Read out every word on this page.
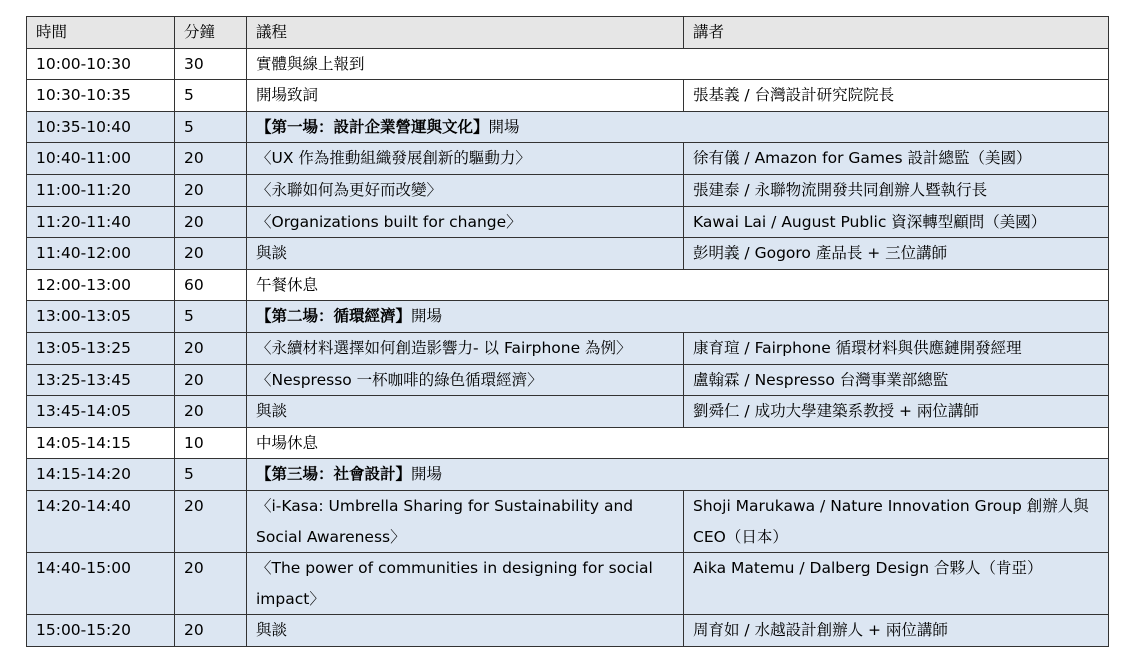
時間	分鐘	議程	講者
10:00-10:30	30	實體與線上報到	
10:30-10:35	5	開場致詞	張基義 / 台灣設計研究院院長
10:35-10:40	5	【第一場：設計企業營運與文化】開場	
10:40-11:00	20	〈UX 作為推動組織發展創新的驅動力〉	徐有儀 / Amazon for Games 設計總監（美國）
11:00-11:20	20	〈永聯如何為更好而改變〉	張建泰 / 永聯物流開發共同創辦人暨執行長
11:20-11:40	20	〈Organizations built for change〉	Kawai Lai / August Public 資深轉型顧問（美國）
11:40-12:00	20	與談	彭明義 / Gogoro 產品長 + 三位講師
12:00-13:00	60	午餐休息	
13:00-13:05	5	【第二場：循環經濟】開場	
13:05-13:25	20	〈永續材料選擇如何創造影響力- 以 Fairphone 為例〉	康育瑄 / Fairphone 循環材料與供應鏈開發經理
13:25-13:45	20	〈Nespresso 一杯咖啡的綠色循環經濟〉	盧翰霖 / Nespresso 台灣事業部總監
13:45-14:05	20	與談	劉舜仁 / 成功大學建築系教授 + 兩位講師
14:05-14:15	10	中場休息	
14:15-14:20	5	【第三場：社會設計】開場	
14:20-14:40	20	〈i-Kasa: Umbrella Sharing for Sustainability and Social Awareness〉	Shoji Marukawa / Nature Innovation Group 創辦人與 CEO（日本）
14:40-15:00	20	〈The power of communities in designing for social impact〉	Aika Matemu / Dalberg Design 合夥人（肯亞）
15:00-15:20	20	與談	周育如 / 水越設計創辦人 + 兩位講師
